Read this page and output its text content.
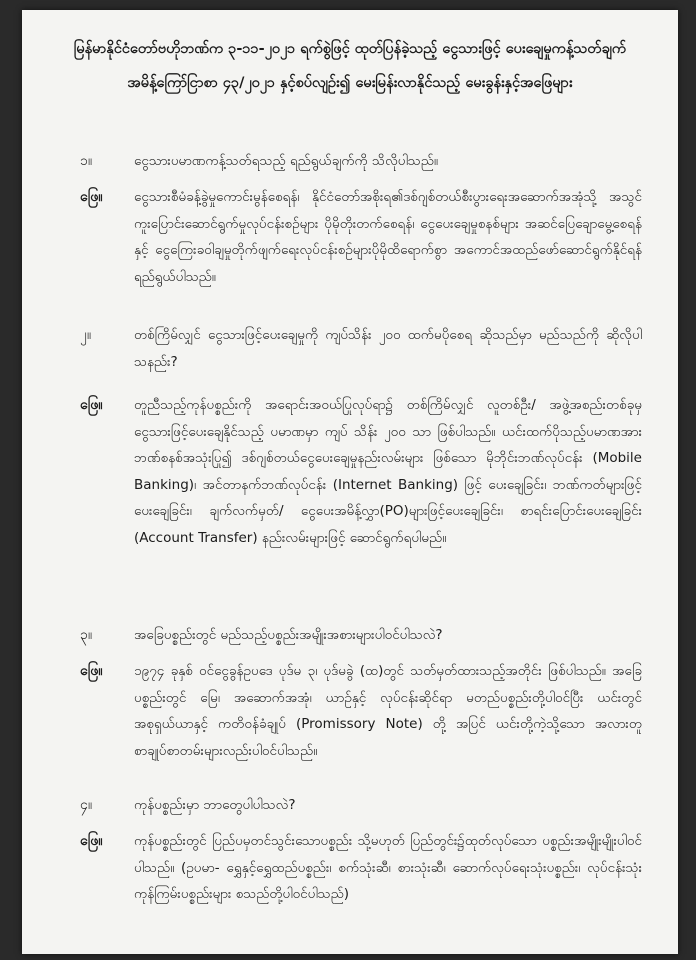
မြန်မာနိုင်ငံတော်ဗဟိုဘဏ်က ၃-၁၁-၂၀၂၁ ရက်စွဲဖြင့် ထုတ်ပြန်ခဲ့သည့် ငွေသားဖြင့် ပေးချေမှုကန့်သတ်ချက်အမိန့်ကြော်ငြာစာ ၄၃/၂၀၂၁ နှင့်စပ်လျဉ်း၍ မေးမြန်းလာနိုင်သည့် မေးခွန်းနှင့်အဖြေများ
၁။	ငွေသားပမာဏကန့်သတ်ရသည့် ရည်ရွယ်ချက်ကို သိလိုပါသည်။
ဖြေ။	ငွေသားစီမံခန့်ခွဲမှုကောင်းမွန်စေရန်၊ နိုင်ငံတော်အစိုးရ၏ဒစ်ဂျစ်တယ်စီးပွားရေးအဆောက်အအုံသို့ အသွင်ကူးပြောင်းဆောင်ရွက်မှုလုပ်ငန်းစဉ်များ ပိုမိုတိုးတက်စေရန်၊ ငွေပေးချေမှုစနစ်များ အဆင်ပြေချောမွေ့စေရန်နှင့် ငွေကြေးခဝါချမှုတိုက်ဖျက်ရေးလုပ်ငန်းစဉ်များပိုမိုထိရောက်စွာ အကောင်အထည်ဖော်ဆောင်ရွက်နိုင်ရန် ရည်ရွယ်ပါသည်။
၂။	တစ်ကြိမ်လျှင် ငွေသားဖြင့်ပေးချေမှုကို ကျပ်သိန်း ၂၀၀ ထက်မပိုစေရ ဆိုသည်မှာ မည်သည်ကို ဆိုလိုပါသနည်း?
ဖြေ။	တူညီသည့်ကုန်ပစ္စည်းကို အရောင်းအဝယ်ပြုလုပ်ရာ၌ တစ်ကြိမ်လျှင် လူတစ်ဦး/ အဖွဲ့အစည်းတစ်ခုမှ ငွေသားဖြင့်ပေးချေနိုင်သည့် ပမာဏမှာ ကျပ် သိန်း ၂၀၀ သာ ဖြစ်ပါသည်။ ယင်းထက်ပိုသည့်ပမာဏအား ဘဏ်စနစ်အသုံးပြု၍ ဒစ်ဂျစ်တယ်ငွေပေးချေမှုနည်းလမ်းများ ဖြစ်သော မိုဘိုင်းဘဏ်လုပ်ငန်း (Mobile Banking)၊ အင်တာနက်ဘဏ်လုပ်ငန်း (Internet Banking) ဖြင့် ပေးချေခြင်း၊ ဘဏ်ကတ်များဖြင့် ပေးချေခြင်း၊ ချက်လက်မှတ်/ ငွေပေးအမိန့်လွှာ(PO)များဖြင့်ပေးချေခြင်း၊ စာရင်းပြောင်းပေးချေခြင်း (Account Transfer) နည်းလမ်းများဖြင့် ဆောင်ရွက်ရပါမည်။
၃။	အခြေပစ္စည်းတွင် မည်သည့်ပစ္စည်းအမျိုးအစားများပါဝင်ပါသလဲ?
ဖြေ။	၁၉၇၄ ခုနှစ် ဝင်ငွေခွန်ဥပဒေ ပုဒ်မ ၃၊ ပုဒ်မခွဲ (ထ)တွင် သတ်မှတ်ထားသည့်အတိုင်း ဖြစ်ပါသည်။ အခြေပစ္စည်းတွင် မြေ၊ အဆောက်အအုံ၊ ယာဉ်နှင့် လုပ်ငန်းဆိုင်ရာ မတည်ပစ္စည်းတို့ပါဝင်ပြီး ယင်းတွင် အစုရှယ်ယာနှင့် ကတိဝန်ခံချုပ် (Promissory Note) တို့ အပြင် ယင်းတို့ကဲ့သို့သော အလားတူစာချုပ်စာတမ်းများလည်းပါဝင်ပါသည်။
၄။	ကုန်ပစ္စည်းမှာ ဘာတွေပါပါသလဲ?
ဖြေ။	ကုန်ပစ္စည်းတွင် ပြည်ပမှတင်သွင်းသောပစ္စည်း သို့မဟုတ် ပြည်တွင်း၌ထုတ်လုပ်သော ပစ္စည်းအမျိုးမျိုးပါဝင်ပါသည်။ (ဥပမာ- ရွှေနှင့်ရွှေထည်ပစ္စည်း၊ စက်သုံးဆီ၊ စားသုံးဆီ၊ ဆောက်လုပ်ရေးသုံးပစ္စည်း၊ လုပ်ငန်းသုံးကုန်ကြမ်းပစ္စည်းများ စသည်တို့ပါဝင်ပါသည်)
